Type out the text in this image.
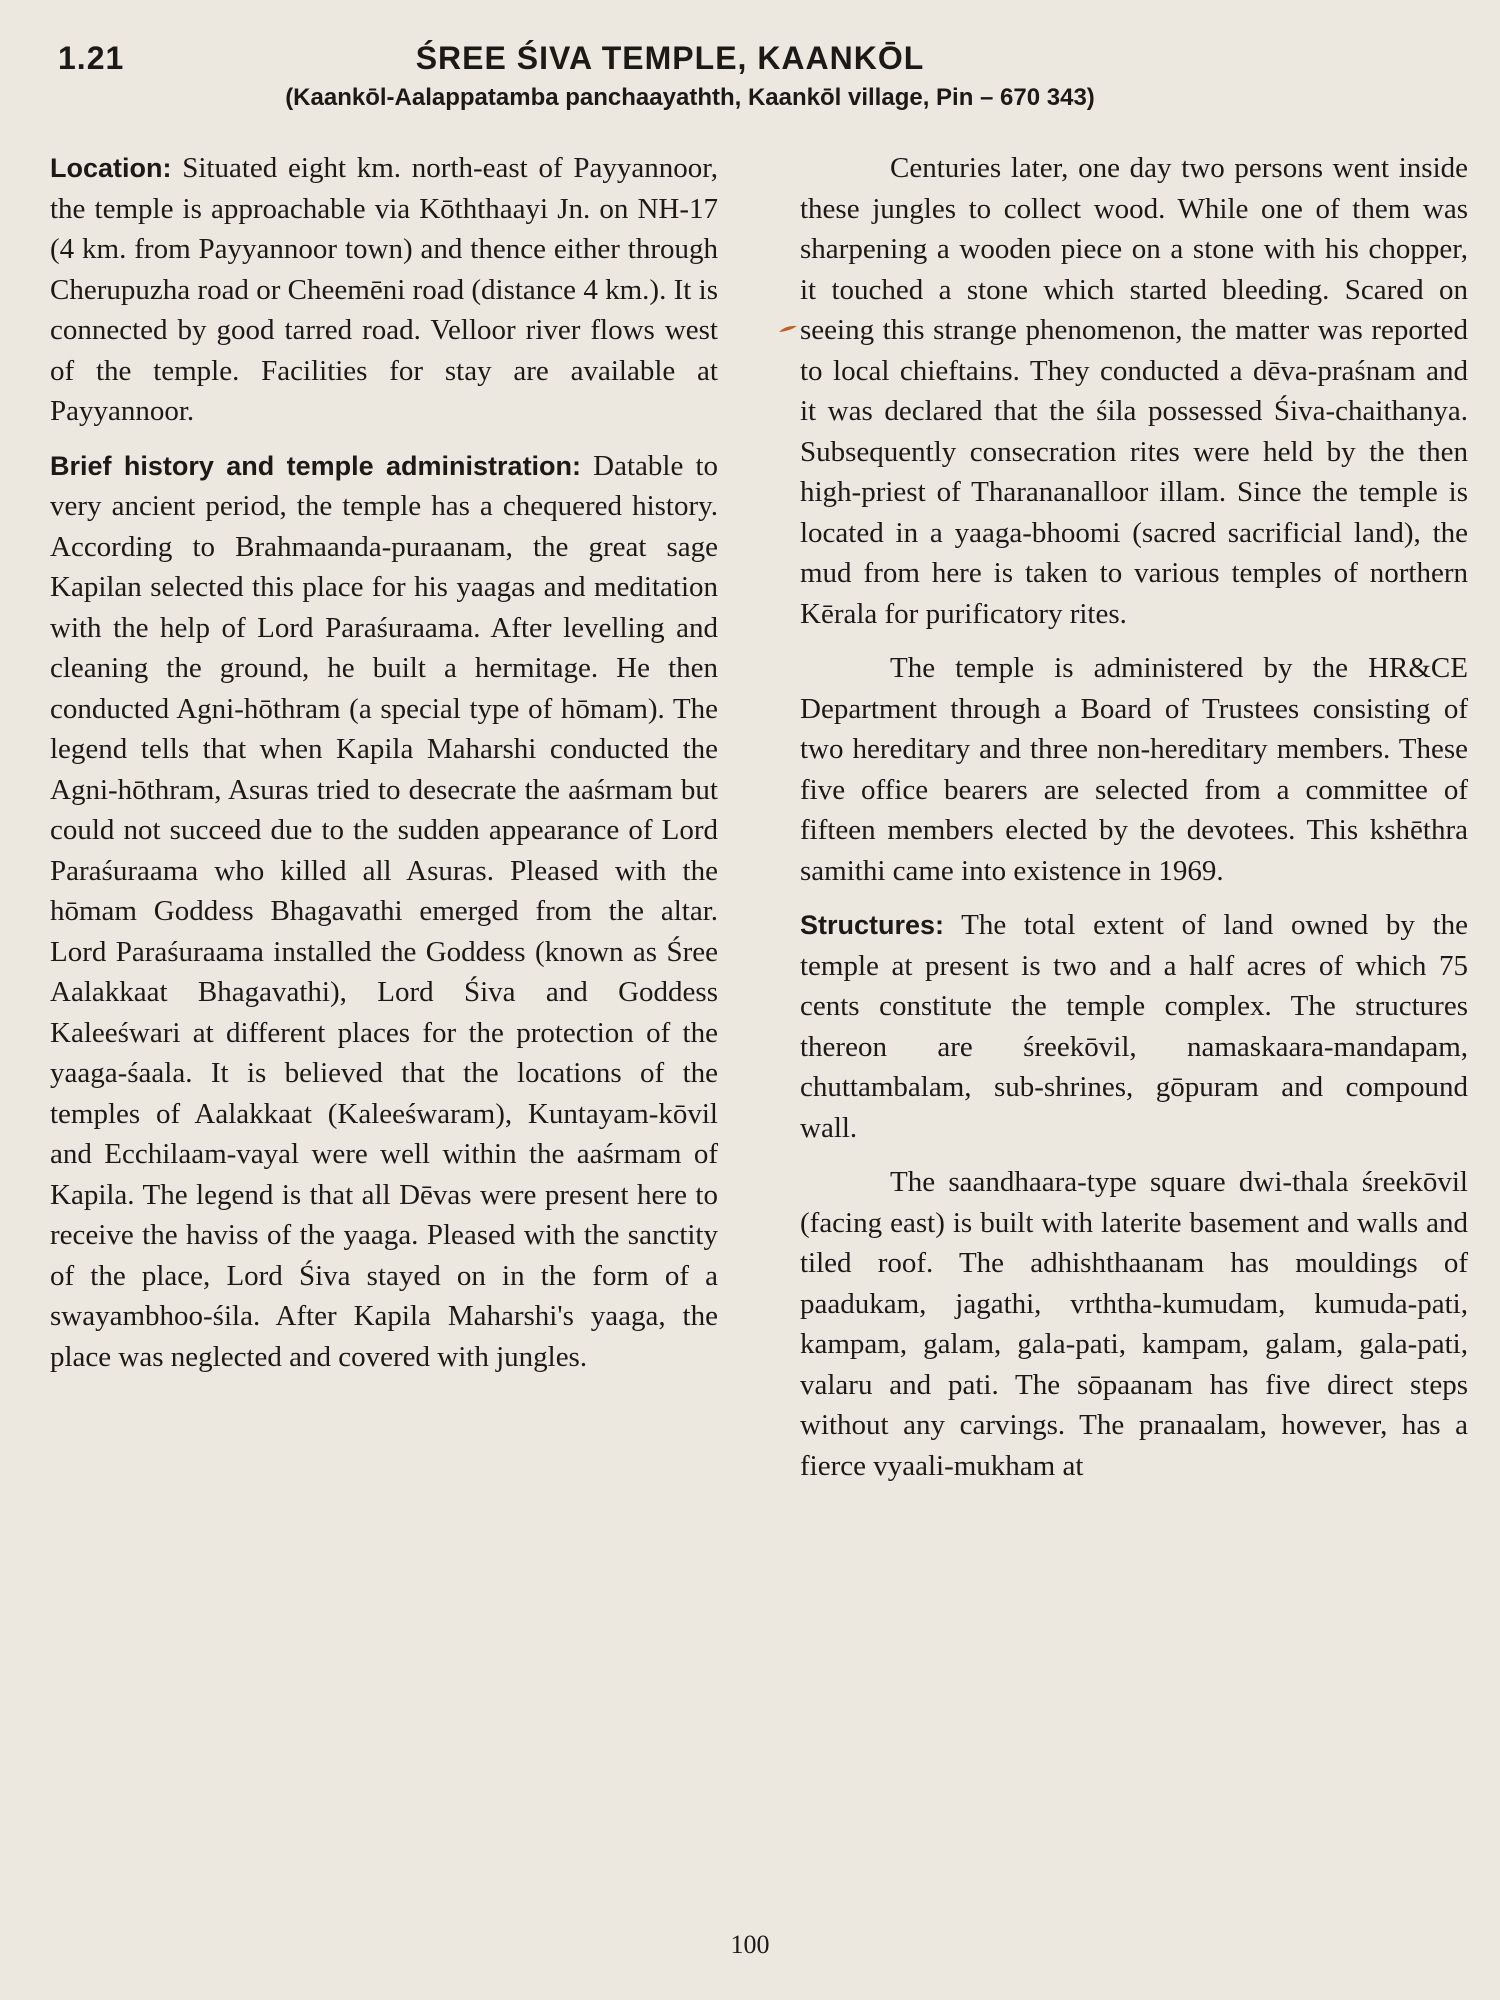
1.21	ŚREE ŚIVA TEMPLE, KAANKŌL
(Kaankōl-Aalappatamba panchaayathth, Kaankōl village, Pin – 670 343)

Location: Situated eight km. north-east of Payyannoor, the temple is approachable via Kōththaayi Jn. on NH-17 (4 km. from Payyannoor town) and thence either through Cherupuzha road or Cheemēni road (distance 4 km.). It is connected by good tarred road. Velloor river flows west of the temple. Facilities for stay are available at Payyannoor.

Brief history and temple administration: Datable to very ancient period, the temple has a chequered history. According to Brahmaanda-puraanam, the great sage Kapilan selected this place for his yaagas and meditation with the help of Lord Paraśuraama. After levelling and cleaning the ground, he built a hermitage. He then conducted Agni-hōthram (a special type of hōmam). The legend tells that when Kapila Maharshi conducted the Agni-hōthram, Asuras tried to desecrate the aaśrmam but could not succeed due to the sudden appearance of Lord Paraśuraama who killed all Asuras. Pleased with the hōmam Goddess Bhagavathi emerged from the altar. Lord Paraśuraama installed the Goddess (known as Śree Aalakkaat Bhagavathi), Lord Śiva and Goddess Kaleeśwari at different places for the protection of the yaaga-śaala. It is believed that the locations of the temples of Aalakkaat (Kaleeśwaram), Kuntayam-kōvil and Ecchilaam-vayal were well within the aaśrmam of Kapila. The legend is that all Dēvas were present here to receive the haviss of the yaaga. Pleased with the sanctity of the place, Lord Śiva stayed on in the form of a swayambhoo-śila. After Kapila Maharshi's yaaga, the place was neglected and covered with jungles.

Centuries later, one day two persons went inside these jungles to collect wood. While one of them was sharpening a wooden piece on a stone with his chopper, it touched a stone which started bleeding. Scared on seeing this strange phenomenon, the matter was reported to local chieftains. They conducted a dēva-praśnam and it was declared that the śila possessed Śiva-chaithanya. Subsequently consecration rites were held by the then high-priest of Tharananalloor illam. Since the temple is located in a yaaga-bhoomi (sacred sacrificial land), the mud from here is taken to various temples of northern Kērala for purificatory rites.

The temple is administered by the HR&CE Department through a Board of Trustees consisting of two hereditary and three non-hereditary members. These five office bearers are selected from a committee of fifteen members elected by the devotees. This kshēthra samithi came into existence in 1969.

Structures: The total extent of land owned by the temple at present is two and a half acres of which 75 cents constitute the temple complex. The structures thereon are śreekōvil, namaskaara-mandapam, chuttambalam, sub-shrines, gōpuram and compound wall.

The saandhaara-type square dwi-thala śreekōvil (facing east) is built with laterite basement and walls and tiled roof. The adhishthaanam has mouldings of paadukam, jagathi, vrththa-kumudam, kumuda-pati, kampam, galam, gala-pati, kampam, galam, gala-pati, valaru and pati. The sōpaanam has five direct steps without any carvings. The pranaalam, however, has a fierce vyaali-mukham at

100
